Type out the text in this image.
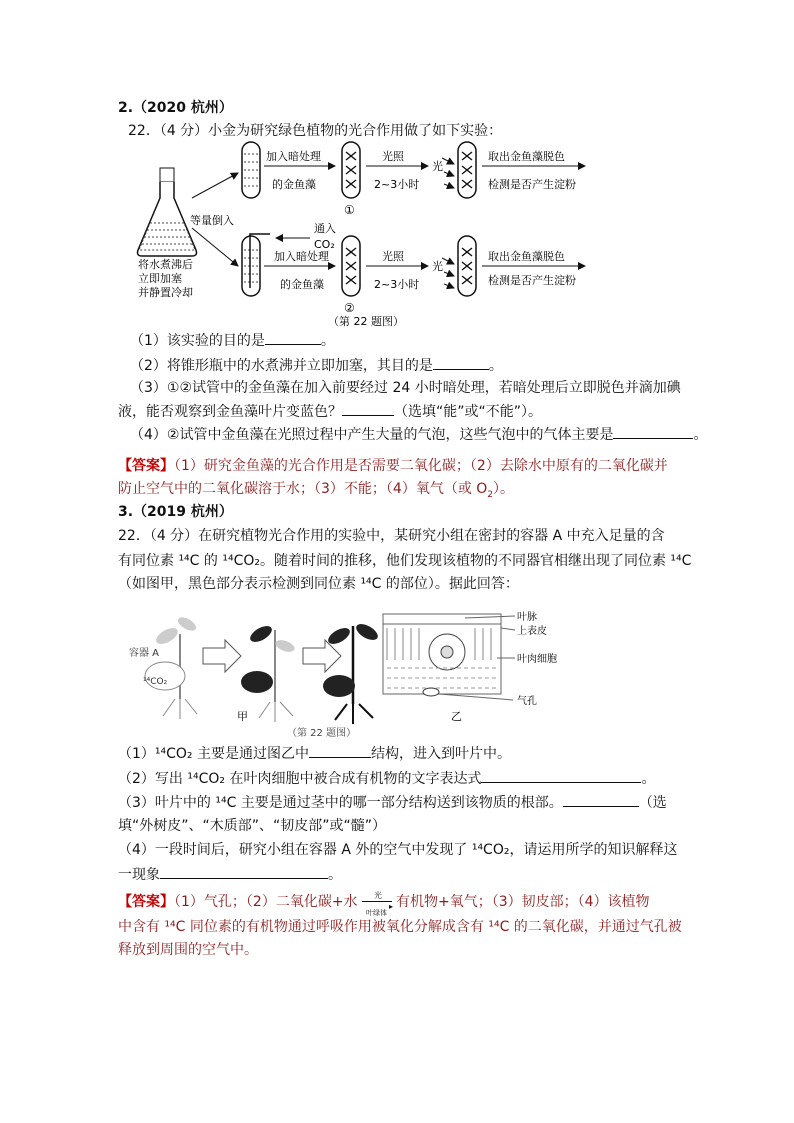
2.（2020 杭州）
22．（4 分）小金为研究绿色植物的光合作用做了如下实验：
将水煮沸后
立即加塞
并静置冷却
等量倒入
加入暗处理
的金鱼藻
①
光照
2~3小时
光
取出金鱼藻脱色
检测是否产生淀粉
通入
CO₂
加入暗处理
的金鱼藻
②
光照
2~3小时
光
取出金鱼藻脱色
检测是否产生淀粉
（第 22 题图）
（1）该实验的目的是	。
（2）将锥形瓶中的水煮沸并立即加塞，其目的是	。
（3）①②试管中的金鱼藻在加入前要经过 24 小时暗处理，若暗处理后立即脱色并滴加碘
液，能否观察到金鱼藻叶片变蓝色？	（选填“能”或“不能”）。
（4）②试管中金鱼藻在光照过程中产生大量的气泡，这些气泡中的气体主要是	。
【答案】（1）研究金鱼藻的光合作用是否需要二氧化碳；（2）去除水中原有的二氧化碳并
防止空气中的二氧化碳溶于水；（3）不能；（4）氧气（或 $O_2$）。
3.（2019 杭州）
22．（4 分）在研究植物光合作用的实验中，某研究小组在密封的容器 A 中充入足量的含
有同位素 ¹⁴C 的 ¹⁴CO₂。随着时间的推移，他们发现该植物的不同器官相继出现了同位素 ¹⁴C
（如图甲，黑色部分表示检测到同位素 ¹⁴C 的部位）。据此回答：
容器 A
¹⁴CO₂
甲
叶脉
上表皮
叶肉细胞
气孔
乙
（第 22 题图）
（1）¹⁴CO₂ 主要是通过图乙中	结构，进入到叶片中。
（2）写出 ¹⁴CO₂ 在叶肉细胞中被合成有机物的文字表达式	。
（3）叶片中的 ¹⁴C 主要是通过茎中的哪一部分结构送到该物质的根部。	（选
填“外树皮”、“木质部”、“韧皮部”或“髓”）
（4）一段时间后，研究小组在容器 A 外的空气中发现了 ¹⁴CO₂，请运用所学的知识解释这
一现象	。
【答案】（1）气孔；（2）二氧化碳+水 光
▸
叶绿体
有机物+氧气；（3）韧皮部；（4）该植物
中含有 ¹⁴C 同位素的有机物通过呼吸作用被氧化分解成含有 ¹⁴C 的二氧化碳，并通过气孔被
释放到周围的空气中。
